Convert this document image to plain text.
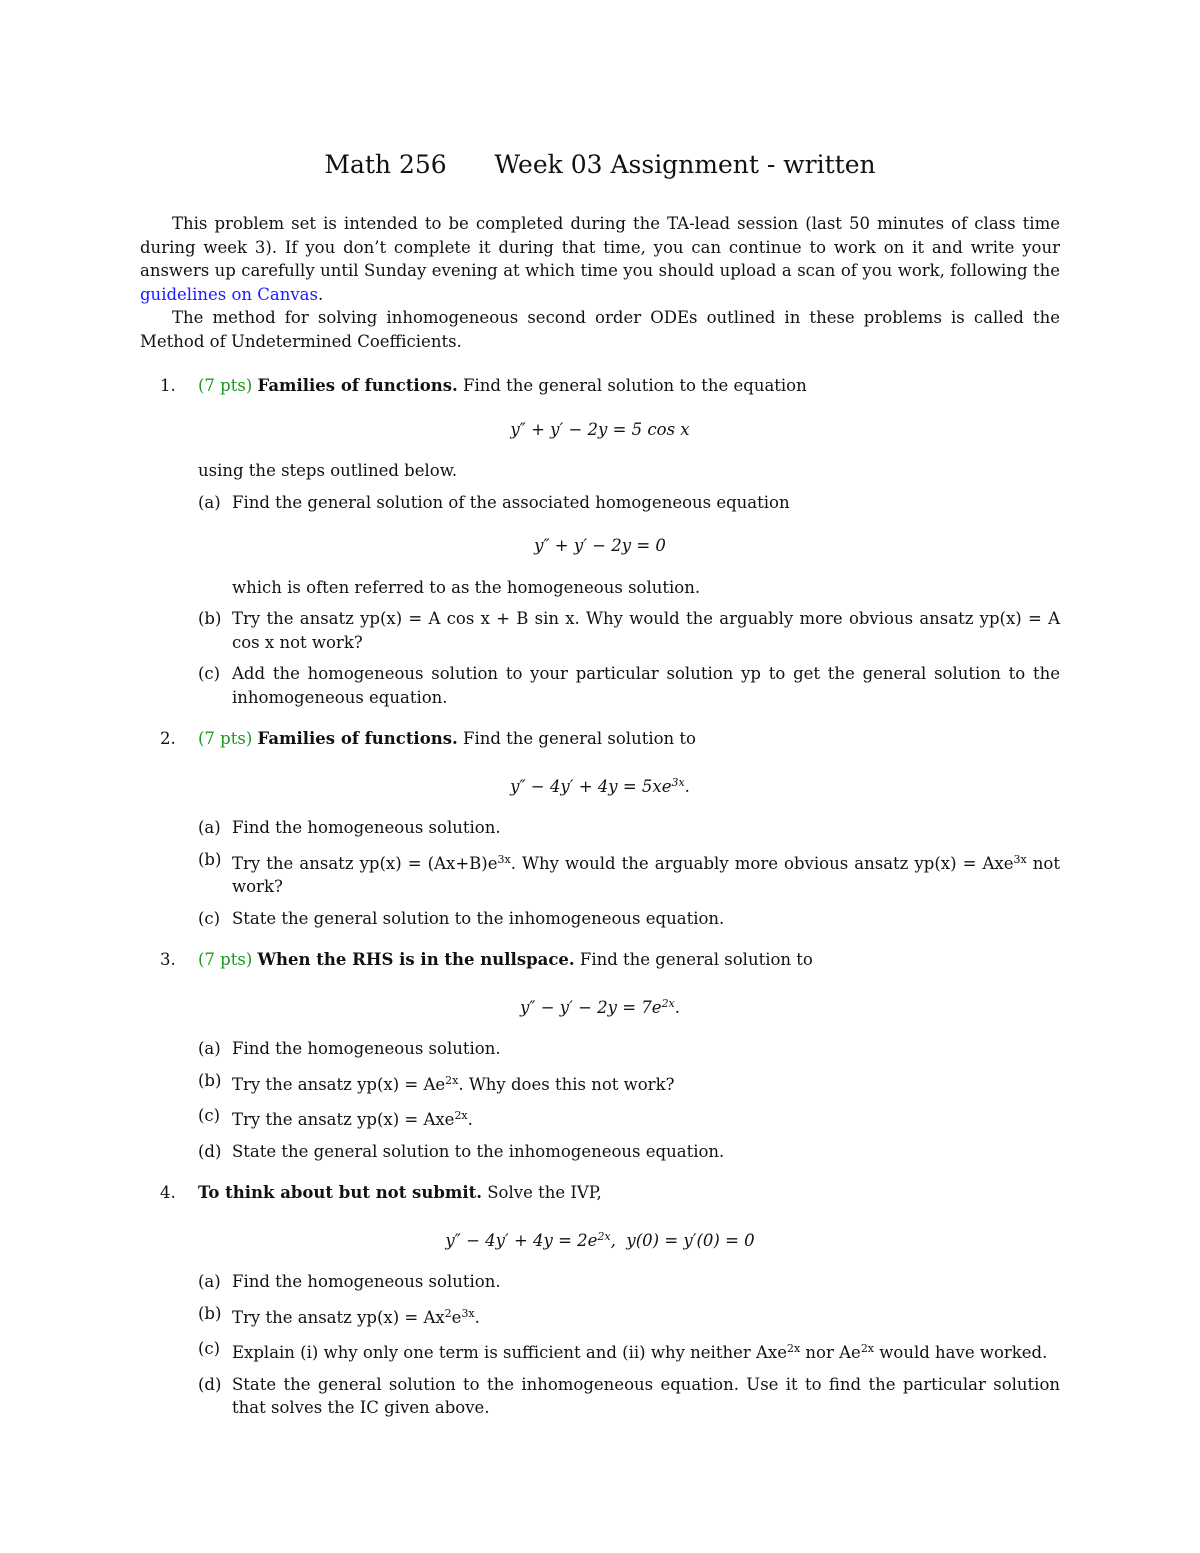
Math 256 Week 03 Assignment - written

This problem set is intended to be completed during the TA-lead session (last 50 minutes of class time during week 3). If you don’t complete it during that time, you can continue to work on it and write your answers up carefully until Sunday evening at which time you should upload a scan of you work, following the guidelines on Canvas.

The method for solving inhomogeneous second order ODEs outlined in these problems is called the Method of Undetermined Coefficients.

1. (7 pts) Families of functions. Find the general solution to the equation
y″ + y′ − 2y = 5 cos x
using the steps outlined below.
(a) Find the general solution of the associated homogeneous equation
y″ + y′ − 2y = 0
which is often referred to as the homogeneous solution.
(b) Try the ansatz yp(x) = A cos x + B sin x. Why would the arguably more obvious ansatz yp(x) = A cos x not work?
(c) Add the homogeneous solution to your particular solution yp to get the general solution to the inhomogeneous equation.
2. (7 pts) Families of functions. Find the general solution to
$y'' - 4y' + 4y = 5xe^{3x}$.
(a) Find the homogeneous solution.
(b) Try the ansatz $yp(x) = (Ax+B)e^{3x}$. Why would the arguably more obvious ansatz yp(x) = Axe$^{3x}$ not work?
(c) State the general solution to the inhomogeneous equation.
3. (7 pts) When the RHS is in the nullspace. Find the general solution to
$y'' - y' - 2y = 7e^{2x}$.
(a) Find the homogeneous solution.
(b) Try the ansatz $yp(x) = Ae^{2x}$. Why does this not work?
(c) Try the ansatz yp(x) = Axe$^{2x}$.
(d) State the general solution to the inhomogeneous equation.
4. To think about but not submit. Solve the IVP,
$y'' - 4y' + 4y = 2e^{2x}$,  y(0) = y′(0) = 0
(a) Find the homogeneous solution.
(b) Try the ansatz $yp(x) = Ax^2e^{3x}$.
(c) Explain (i) why only one term is sufficient and (ii) why neither Axe$^{2x}$ nor $Ae^{2x}$ would have worked.
(d) State the general solution to the inhomogeneous equation. Use it to find the particular solution that solves the IC given above.
